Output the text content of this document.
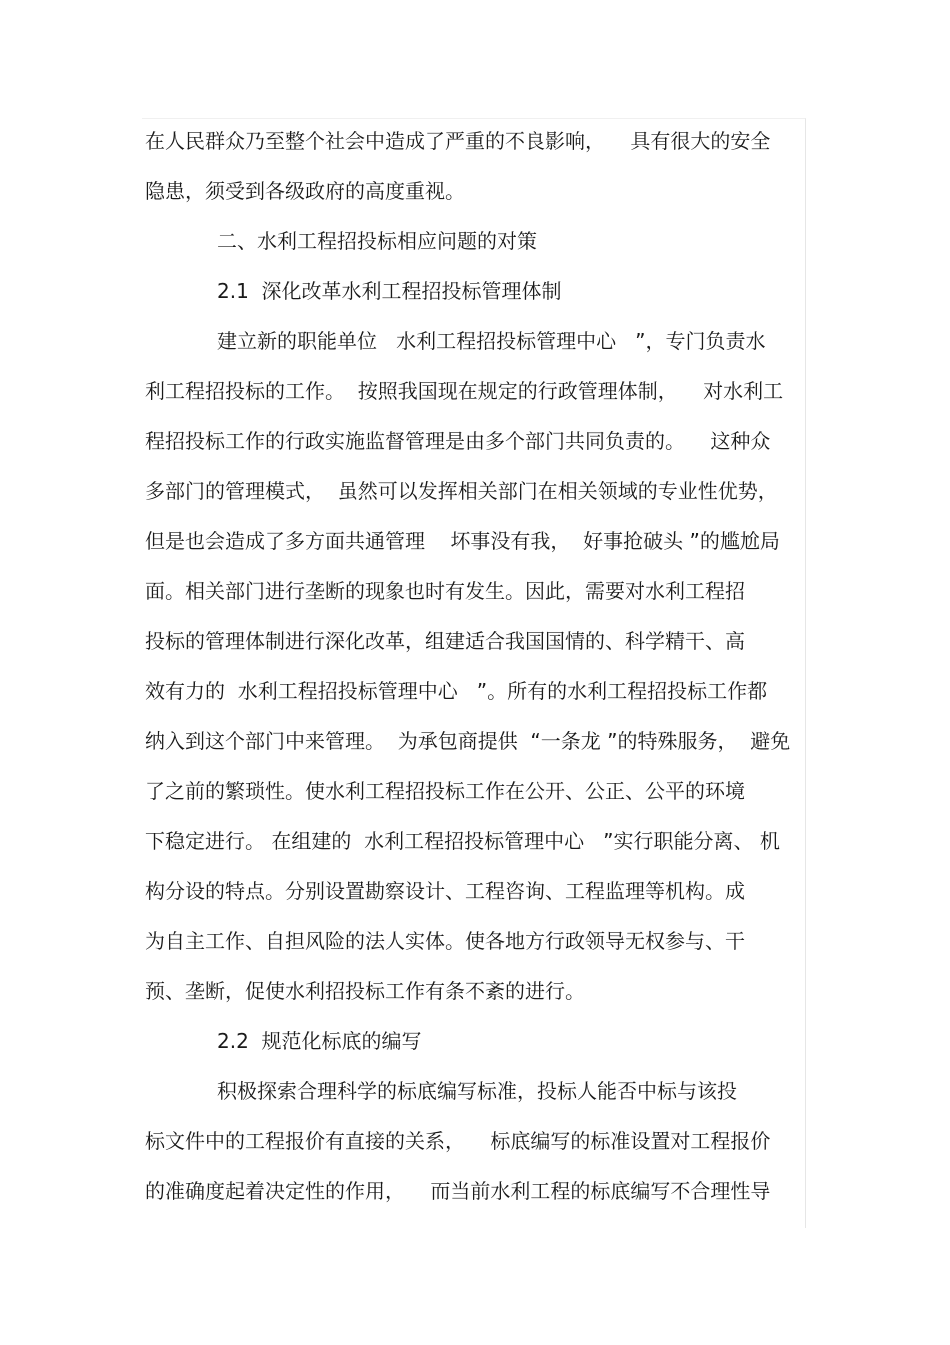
在人民群众乃至整个社会中造成了严重的不良影响，    具有很大的安全
隐患，须受到各级政府的高度重视。
二、水利工程招投标相应问题的对策
2.1  深化改革水利工程招投标管理体制
建立新的职能单位   水利工程招投标管理中心   ”，专门负责水
利工程招投标的工作。  按照我国现在规定的行政管理体制，    对水利工
程招投标工作的行政实施监督管理是由多个部门共同负责的。    这种众
多部门的管理模式，  虽然可以发挥相关部门在相关领域的专业性优势，
但是也会造成了多方面共通管理    坏事没有我，  好事抢破头 ”的尴尬局
面。相关部门进行垄断的现象也时有发生。因此，需要对水利工程招
投标的管理体制进行深化改革，组建适合我国国情的、科学精干、高
效有力的  水利工程招投标管理中心   ”。所有的水利工程招投标工作都
纳入到这个部门中来管理。  为承包商提供  “一条龙 ”的特殊服务，  避免
了之前的繁琐性。使水利工程招投标工作在公开、公正、公平的环境
下稳定进行。 在组建的  水利工程招投标管理中心   ”实行职能分离、 机
构分设的特点。分别设置勘察设计、工程咨询、工程监理等机构。成
为自主工作、自担风险的法人实体。使各地方行政领导无权参与、干
预、垄断，促使水利招投标工作有条不紊的进行。
2.2  规范化标底的编写
积极探索合理科学的标底编写标准，投标人能否中标与该投
标文件中的工程报价有直接的关系，    标底编写的标准设置对工程报价
的准确度起着决定性的作用，    而当前水利工程的标底编写不合理性导
